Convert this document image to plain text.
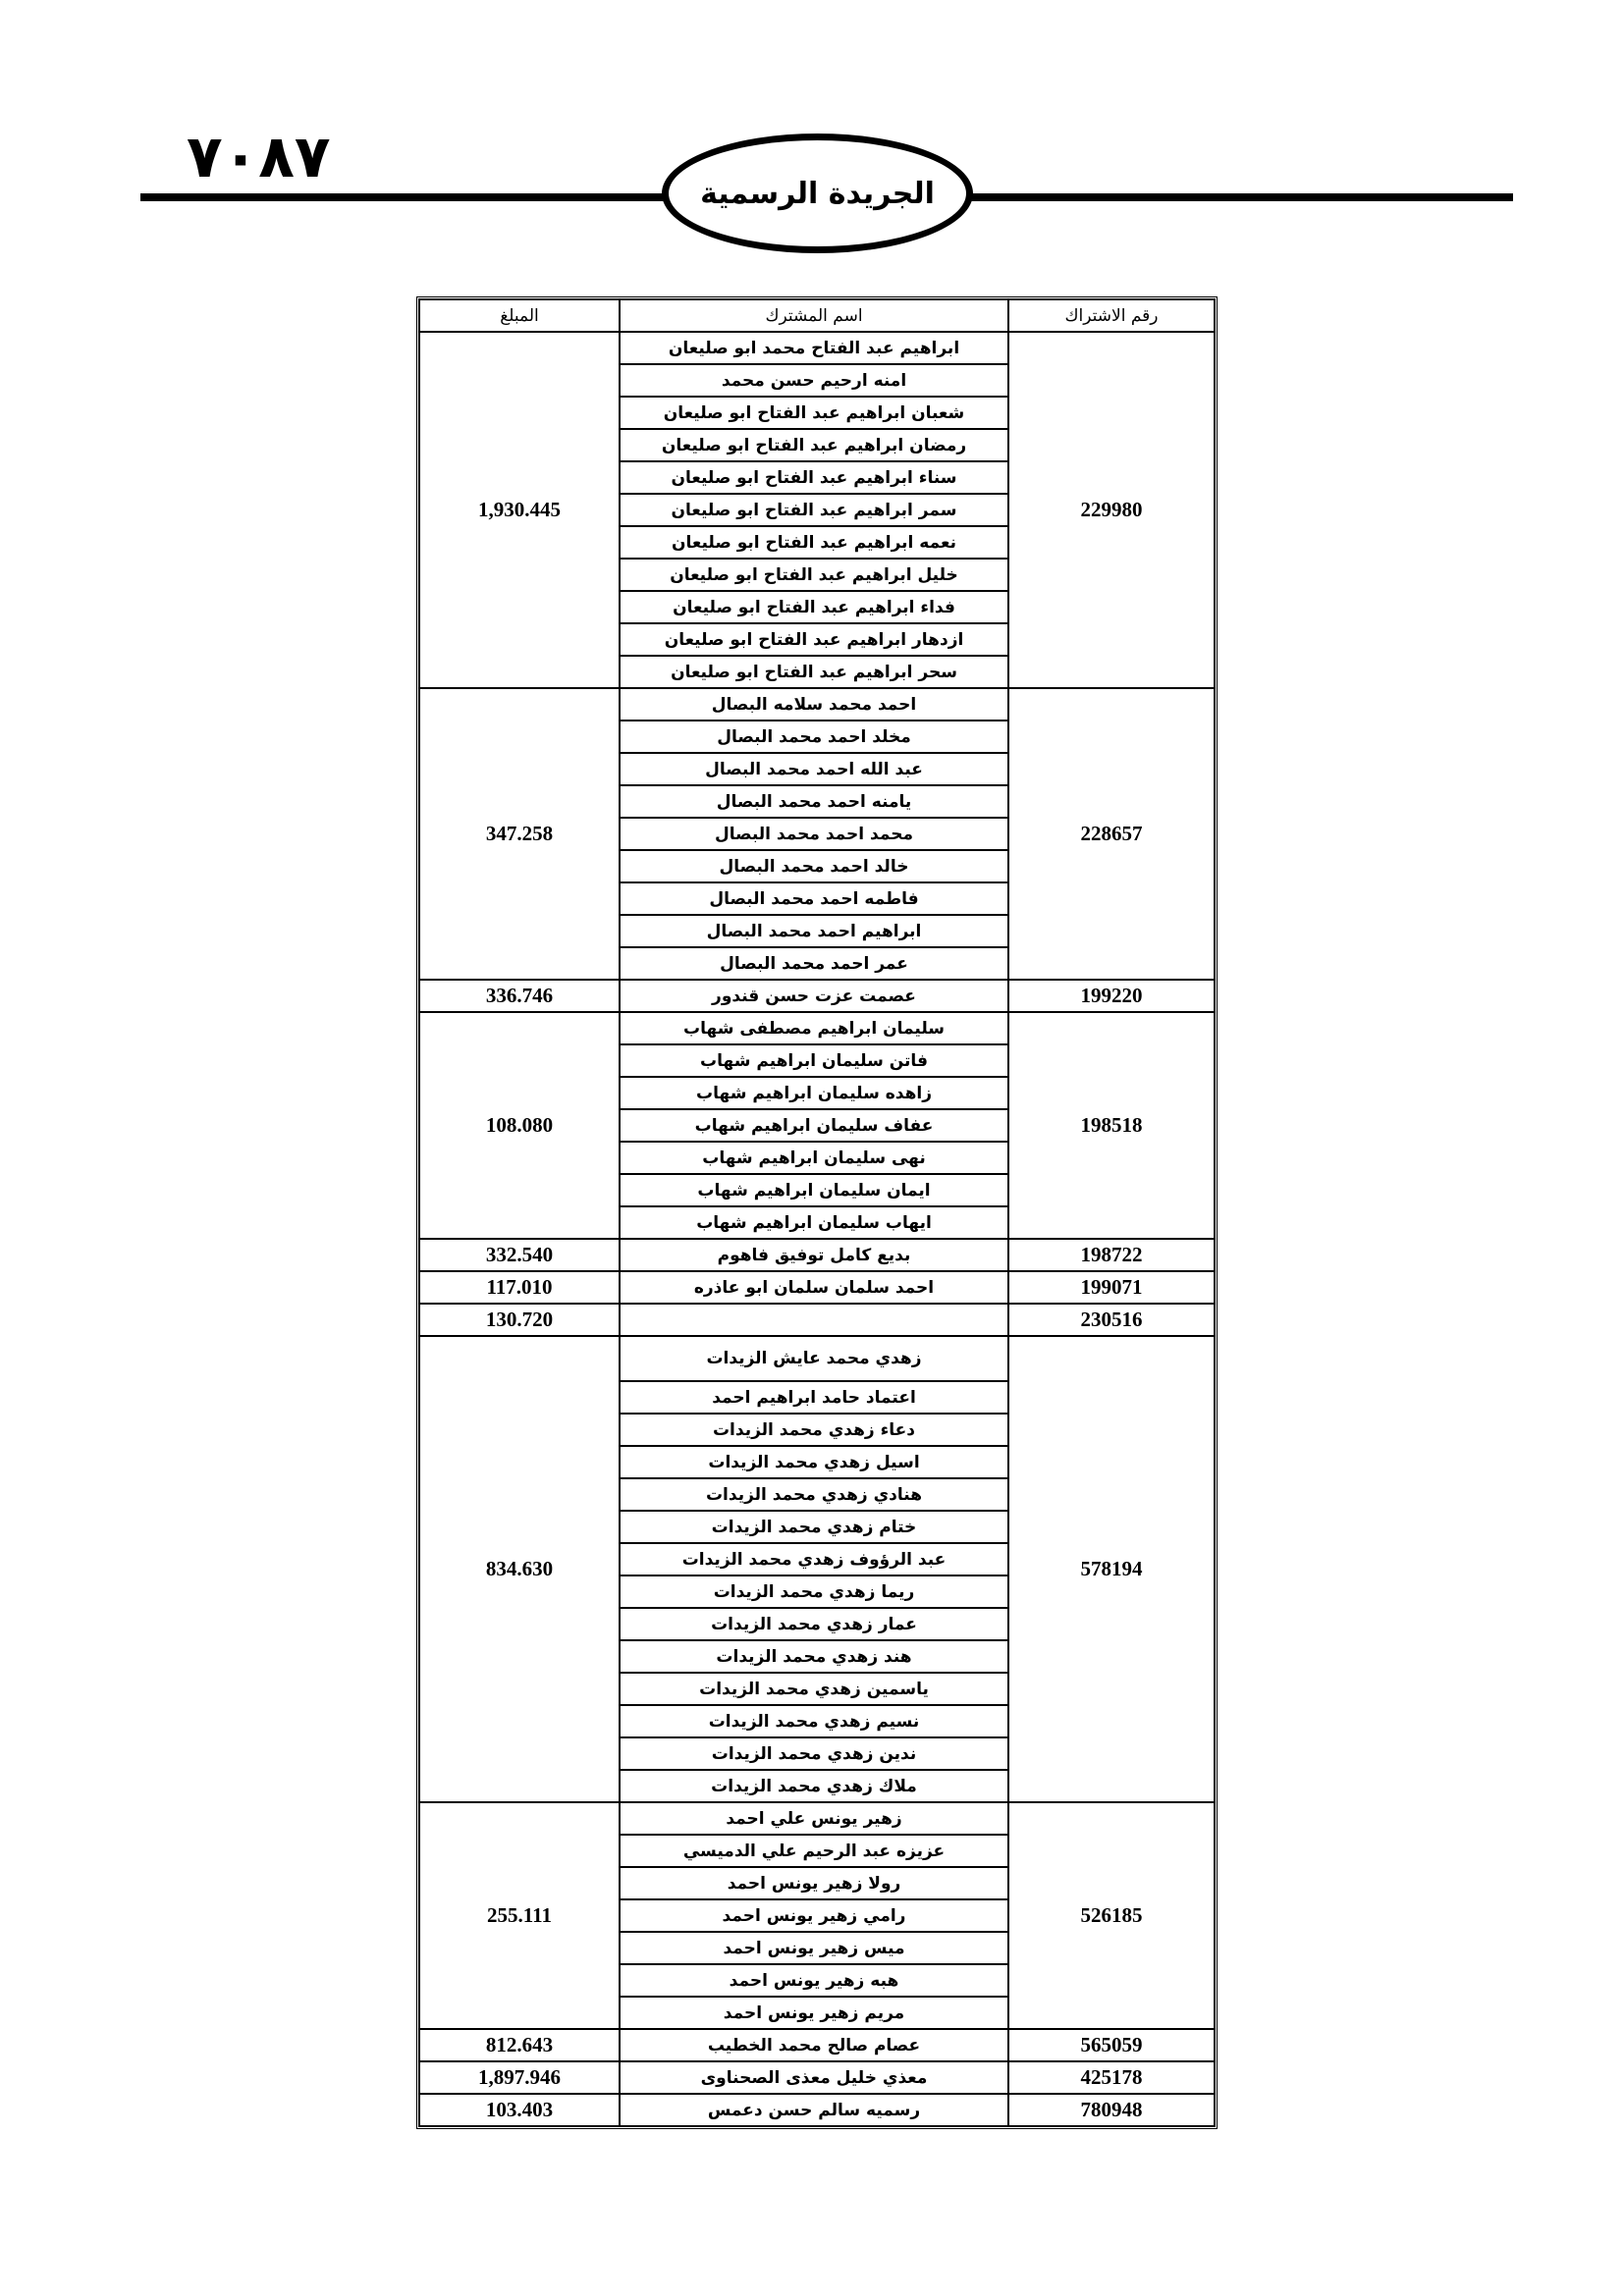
٧٠٨٧
الجريدة الرسمية
رقم الاشتراك	اسم المشترك	المبلغ
229980	ابراهيم عبد الفتاح محمد ابو صليعان	1,930.445
	امنه ارحيم حسن محمد	
	شعبان ابراهيم عبد الفتاح ابو صليعان	
	رمضان ابراهيم عبد الفتاح ابو صليعان	
	سناء ابراهيم عبد الفتاح ابو صليعان	
	سمر ابراهيم عبد الفتاح ابو صليعان	
	نعمه ابراهيم عبد الفتاح ابو صليعان	
	خليل ابراهيم عبد الفتاح ابو صليعان	
	فداء ابراهيم عبد الفتاح ابو صليعان	
	ازدهار ابراهيم عبد الفتاح ابو صليعان	
	سحر ابراهيم عبد الفتاح ابو صليعان	
228657	احمد محمد سلامه البصال	347.258
	مخلد احمد محمد البصال	
	عبد الله احمد محمد البصال	
	يامنه احمد محمد البصال	
	محمد احمد محمد البصال	
	خالد احمد محمد البصال	
	فاطمه احمد محمد البصال	
	ابراهيم احمد محمد البصال	
	عمر احمد محمد البصال	
199220	عصمت عزت حسن قندور	336.746
198518	سليمان ابراهيم مصطفى شهاب	108.080
	فاتن سليمان ابراهيم شهاب	
	زاهده سليمان ابراهيم شهاب	
	عفاف سليمان ابراهيم شهاب	
	نهى سليمان ابراهيم شهاب	
	ايمان سليمان ابراهيم شهاب	
	ايهاب سليمان ابراهيم شهاب	
198722	بديع كامل توفيق فاهوم	332.540
199071	احمد سلمان سلمان ابو عاذره	117.010
230516		130.720
578194	زهدي محمد عايش الزيدات	834.630
	اعتماد حامد ابراهيم احمد	
	دعاء زهدي محمد الزيدات	
	اسيل زهدي محمد الزيدات	
	هنادي زهدي محمد الزيدات	
	ختام زهدي محمد الزيدات	
	عبد الرؤوف زهدي محمد الزيدات	
	ريما زهدي محمد الزيدات	
	عمار زهدي محمد الزيدات	
	هند زهدي محمد الزيدات	
	ياسمين زهدي محمد الزيدات	
	نسيم زهدي محمد الزيدات	
	ندين زهدي محمد الزيدات	
	ملاك زهدي محمد الزيدات	
526185	زهير يونس علي احمد	255.111
	عزيزه عبد الرحيم علي الدميسي	
	رولا زهير يونس احمد	
	رامي زهير يونس احمد	
	ميس زهير يونس احمد	
	هبه زهير يونس احمد	
	مريم زهير يونس احمد	
565059	عصام صالح محمد الخطيب	812.643
425178	معذي خليل معذى الصحناوى	1,897.946
780948	رسميه سالم حسن دعمس	103.403
